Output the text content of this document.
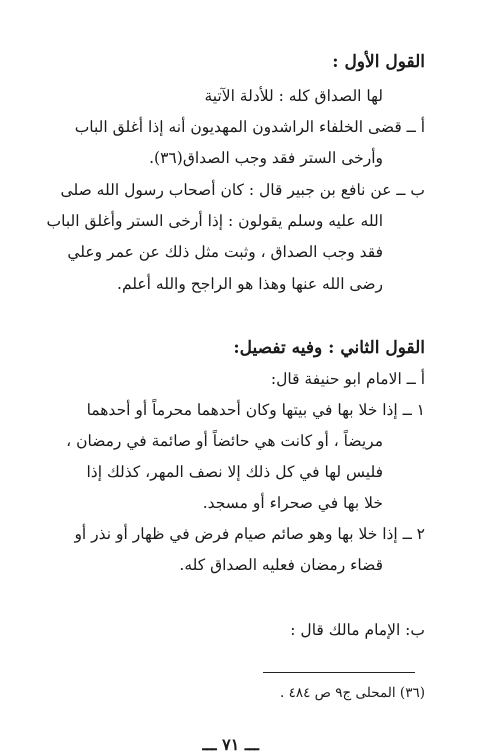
القول الأول :
لها الصداق كله : للأدلة الآتية
أ ــ قضى الخلفاء الراشدون المهديون أنه إذا أغلق الباب
وأرخى الستر فقد وجب الصداق(٣٦).
ب ــ عن نافع بن جبير قال : كان أصحاب رسول الله صلى
الله عليه وسلم يقولون : إذا أرخى الستر وأغلق الباب
فقد وجب الصداق ، وثبت مثل ذلك عن عمر وعلي
رضى الله عنها وهذا هو الراجح والله أعلم.
القول الثاني : وفيه تفصيل:
أ ــ الامام ابو حنيفة قال:
١ ــ إذا خلا بها في بيتها وكان أحدهما محرماً أو أحدهما
مريضاً ، أو كانت هي حائضاً أو صائمة في رمضان ،
فليس لها في كل ذلك إلا نصف المهر، كذلك إذا
خلا بها في صحراء أو مسجد.
٢ ــ إذا خلا بها وهو صائم صيام فرض في ظهار أو نذر أو
قضاء رمضان فعليه الصداق كله.
ب: الإمام مالك قال :
(٣٦) المحلى ج٩ ص ٤٨٤ .
ـــ ٧١ ـــ
